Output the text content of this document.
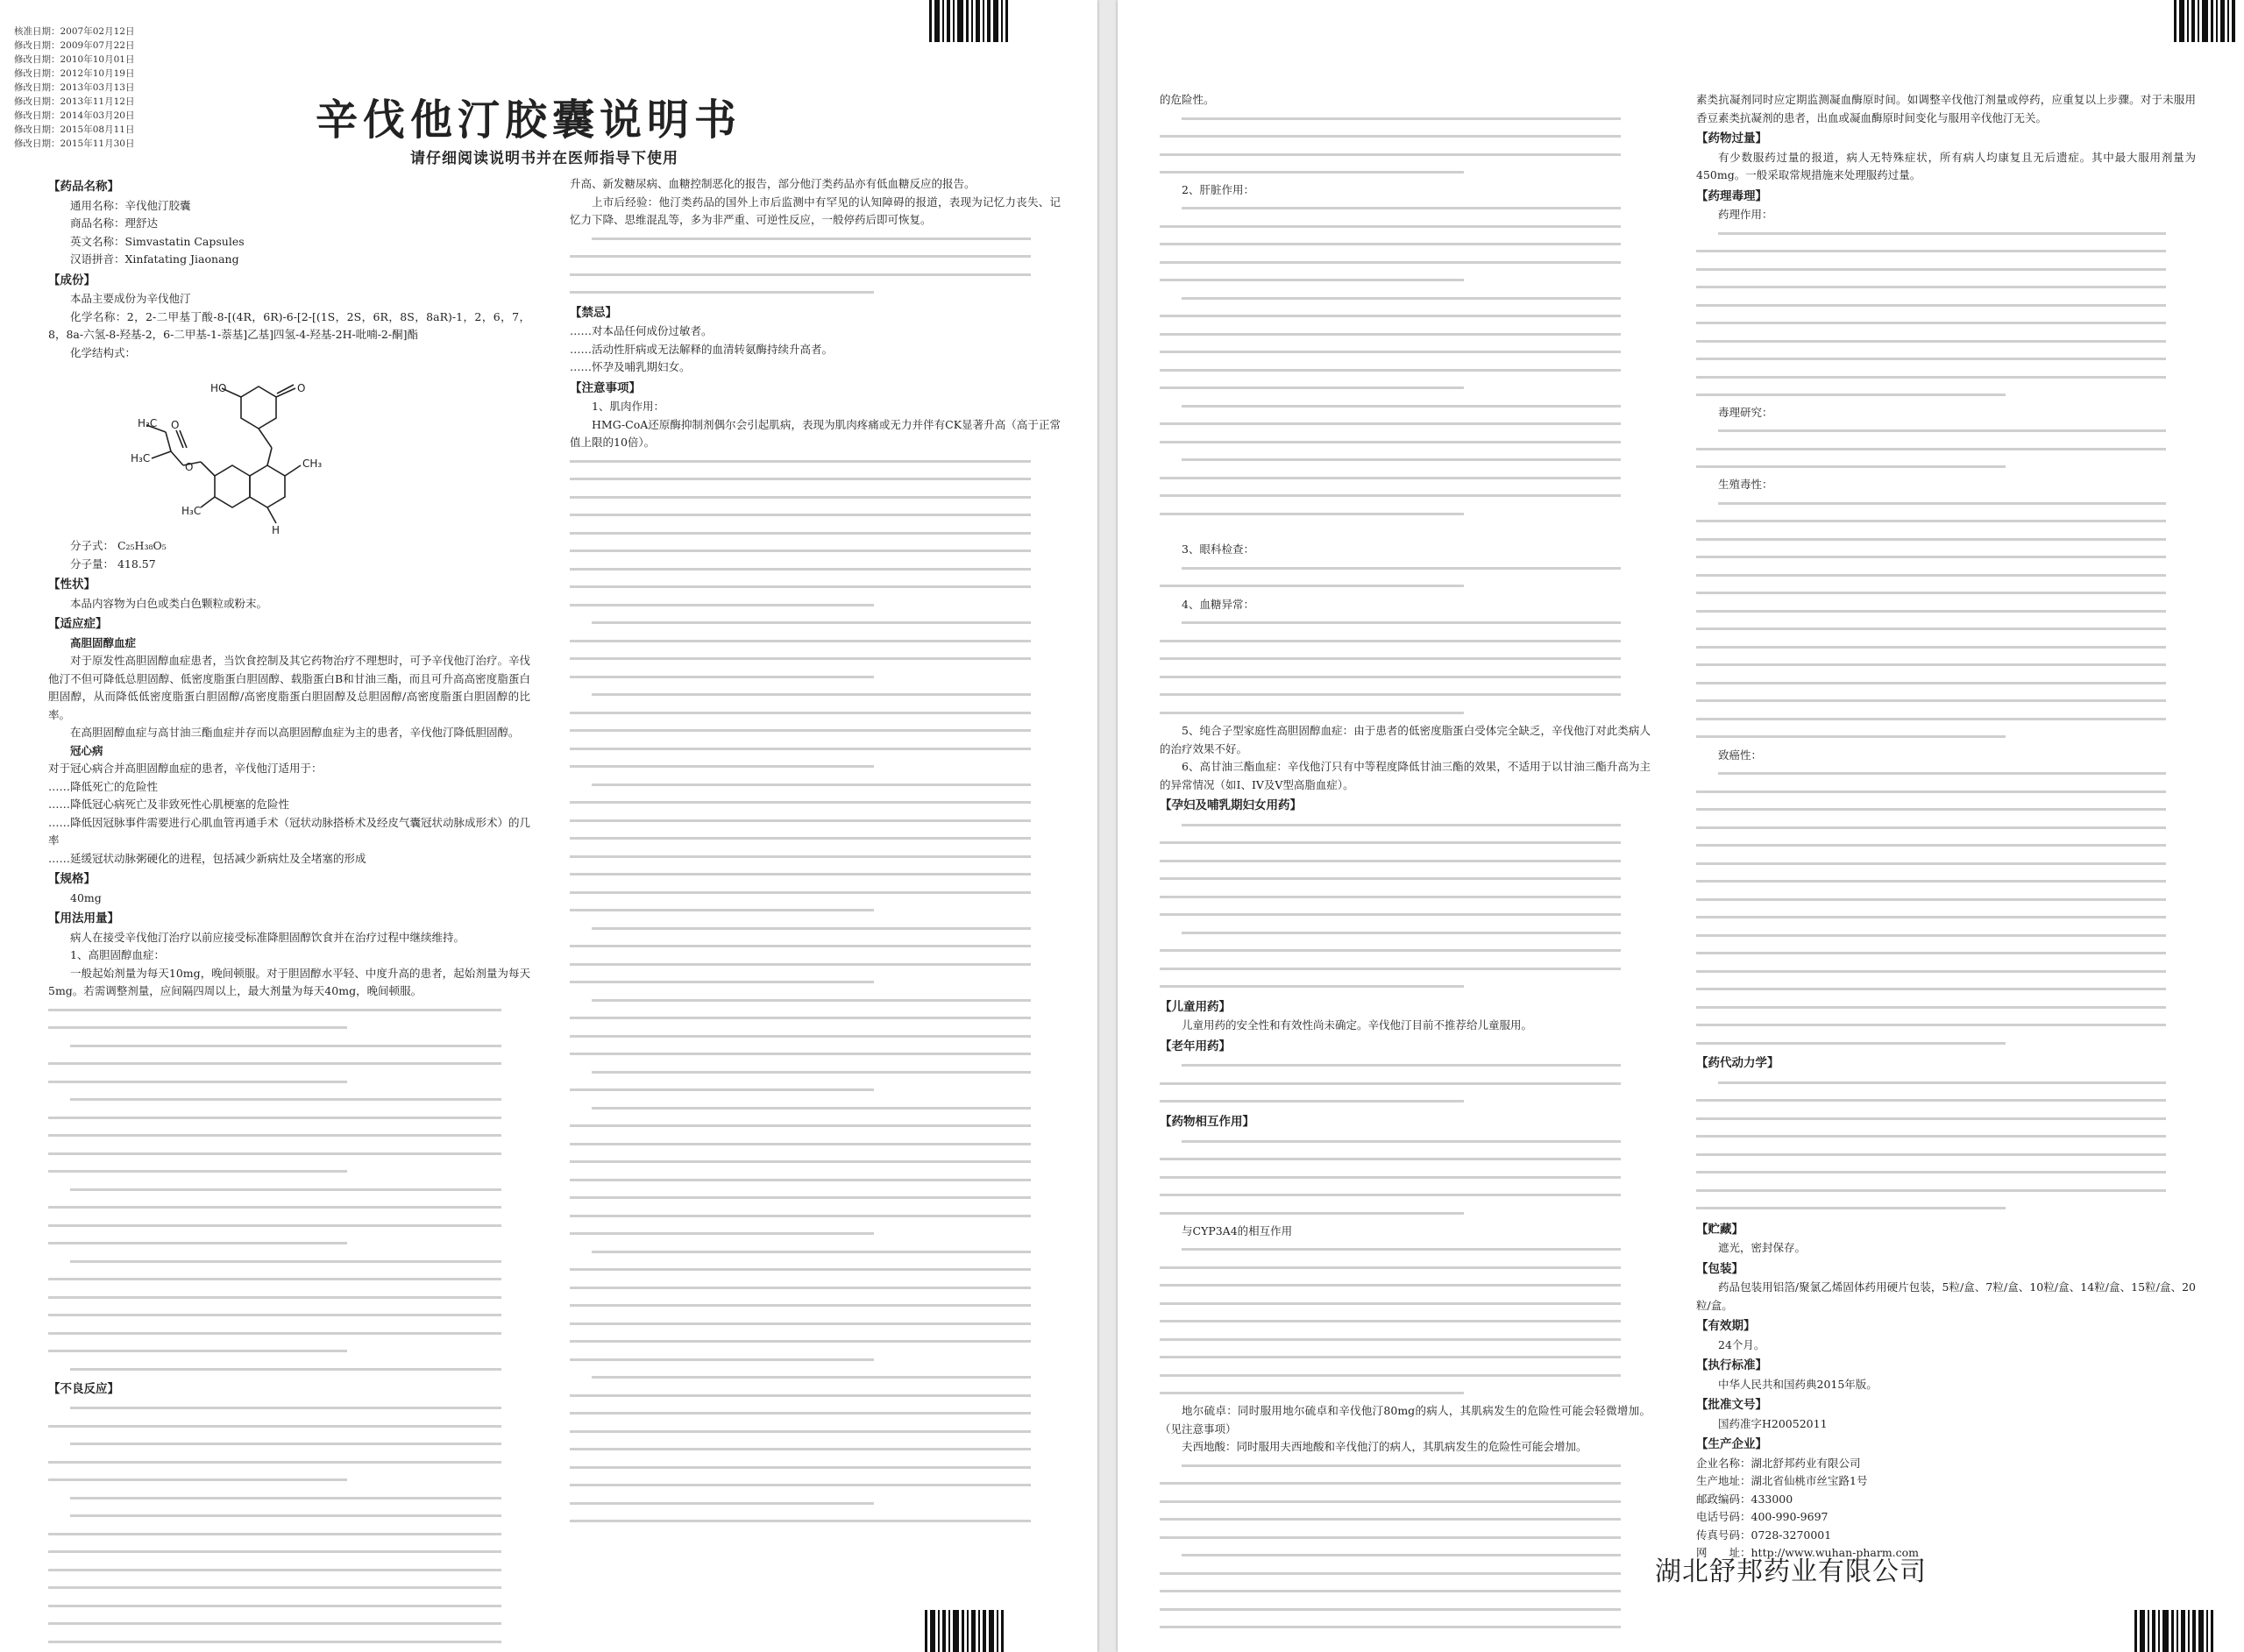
核准日期：2007年02月12日
修改日期：2009年07月22日
修改日期：2010年10月01日
修改日期：2012年10月19日
修改日期：2013年03月13日
修改日期：2013年11月12日
修改日期：2014年03月20日
修改日期：2015年08月11日
修改日期：2015年11月30日	辛伐他汀胶囊说明书
请仔细阅读说明书并在医师指导下使用
【药品名称】

通用名称：辛伐他汀胶囊

商品名称：理舒达

英文名称：Simvastatin Capsules

汉语拼音：Xinfatating Jiaonang

【成份】

本品主要成份为辛伐他汀

化学名称：2，2-二甲基丁酸-8-[(4R，6R)-6-[2-[(1S，2S，6R，8S，8aR)-1，2，6，7，8，8a-六氢-8-羟基-2，6-二甲基-1-萘基]乙基]四氢-4-羟基-2H-吡喃-2-酮]酯

化学结构式：

HO	O
CH₃
O
H₃C
H₃C O
H₃C
H

分子式： C₂₅H₃₈O₅

分子量： 418.57

【性状】

本品内容物为白色或类白色颗粒或粉末。

【适应症】
高胆固醇血症

对于原发性高胆固醇血症患者，当饮食控制及其它药物治疗不理想时，可予辛伐他汀治疗。辛伐他汀不但可降低总胆固醇、低密度脂蛋白胆固醇、载脂蛋白B和甘油三酯，而且可升高高密度脂蛋白胆固醇，从而降低低密度脂蛋白胆固醇/高密度脂蛋白胆固醇及总胆固醇/高密度脂蛋白胆固醇的比率。

在高胆固醇血症与高甘油三酯血症并存而以高胆固醇血症为主的患者，辛伐他汀降低胆固醇。

冠心病

对于冠心病合并高胆固醇血症的患者，辛伐他汀适用于：

……降低死亡的危险性

……降低冠心病死亡及非致死性心肌梗塞的危险性

……降低因冠脉事件需要进行心肌血管再通手术（冠状动脉搭桥术及经皮气囊冠状动脉成形术）的几率

……延缓冠状动脉粥硬化的进程，包括减少新病灶及全堵塞的形成

【规格】

40mg

【用法用量】

病人在接受辛伐他汀治疗以前应接受标准降胆固醇饮食并在治疗过程中继续维持。

1、高胆固醇血症：

一般起始剂量为每天10mg，晚间顿服。对于胆固醇水平轻、中度升高的患者，起始剂量为每天5mg。若需调整剂量，应间隔四周以上，最大剂量为每天40mg，晚间顿服。

【不良反应】

升高、新发糖尿病、血糖控制恶化的报告，部分他汀类药品亦有低血糖反应的报告。

上市后经验：他汀类药品的国外上市后监测中有罕见的认知障碍的报道，表现为记忆力丧失、记忆力下降、思维混乱等，多为非严重、可逆性反应，一般停药后即可恢复。

【禁忌】

……对本品任何成份过敏者。

……活动性肝病或无法解释的血清转氨酶持续升高者。

……怀孕及哺乳期妇女。

【注意事项】

1、肌肉作用：

HMG-CoA还原酶抑制剂偶尔会引起肌病，表现为肌肉疼痛或无力并伴有CK显著升高（高于正常值上限的10倍）。

的危险性。

2、肝脏作用：

3、眼科检查：

4、血糖异常：

5、纯合子型家庭性高胆固醇血症：由于患者的低密度脂蛋白受体完全缺乏，辛伐他汀对此类病人的治疗效果不好。

6、高甘油三酯血症：辛伐他汀只有中等程度降低甘油三酯的效果，不适用于以甘油三酯升高为主的异常情况（如I、IV及V型高脂血症）。

【孕妇及哺乳期妇女用药】
【儿童用药】

儿童用药的安全性和有效性尚未确定。辛伐他汀目前不推荐给儿童服用。

【老年用药】
【药物相互作用】

与CYP3A4的相互作用

地尔硫卓：同时服用地尔硫卓和辛伐他汀80mg的病人，其肌病发生的危险性可能会轻微增加。（见注意事项）

夫西地酸：同时服用夫西地酸和辛伐他汀的病人，其肌病发生的危险性可能会增加。

素类抗凝剂同时应定期监测凝血酶原时间。如调整辛伐他汀剂量或停药，应重复以上步骤。对于未服用香豆素类抗凝剂的患者，出血或凝血酶原时间变化与服用辛伐他汀无关。

【药物过量】

有少数服药过量的报道，病人无特殊症状，所有病人均康复且无后遗症。其中最大服用剂量为450mg。一般采取常规措施来处理服药过量。

【药理毒理】

药理作用：

毒理研究：

生殖毒性：

致癌性：

【药代动力学】
【贮藏】

遮光，密封保存。

【包装】

药品包装用铝箔/聚氯乙烯固体药用硬片包装，5粒/盒、7粒/盒、10粒/盒、14粒/盒、15粒/盒、20粒/盒。

【有效期】

24个月。

【执行标准】

中华人民共和国药典2015年版。

【批准文号】

国药准字H20052011

【生产企业】

企业名称：湖北舒邦药业有限公司

生产地址：湖北省仙桃市丝宝路1号

邮政编码：433000

电话号码：400-990-9697

传真号码：0728-3270001

网　　址：http://www.wuhan-pharm.com

湖北舒邦药业有限公司
